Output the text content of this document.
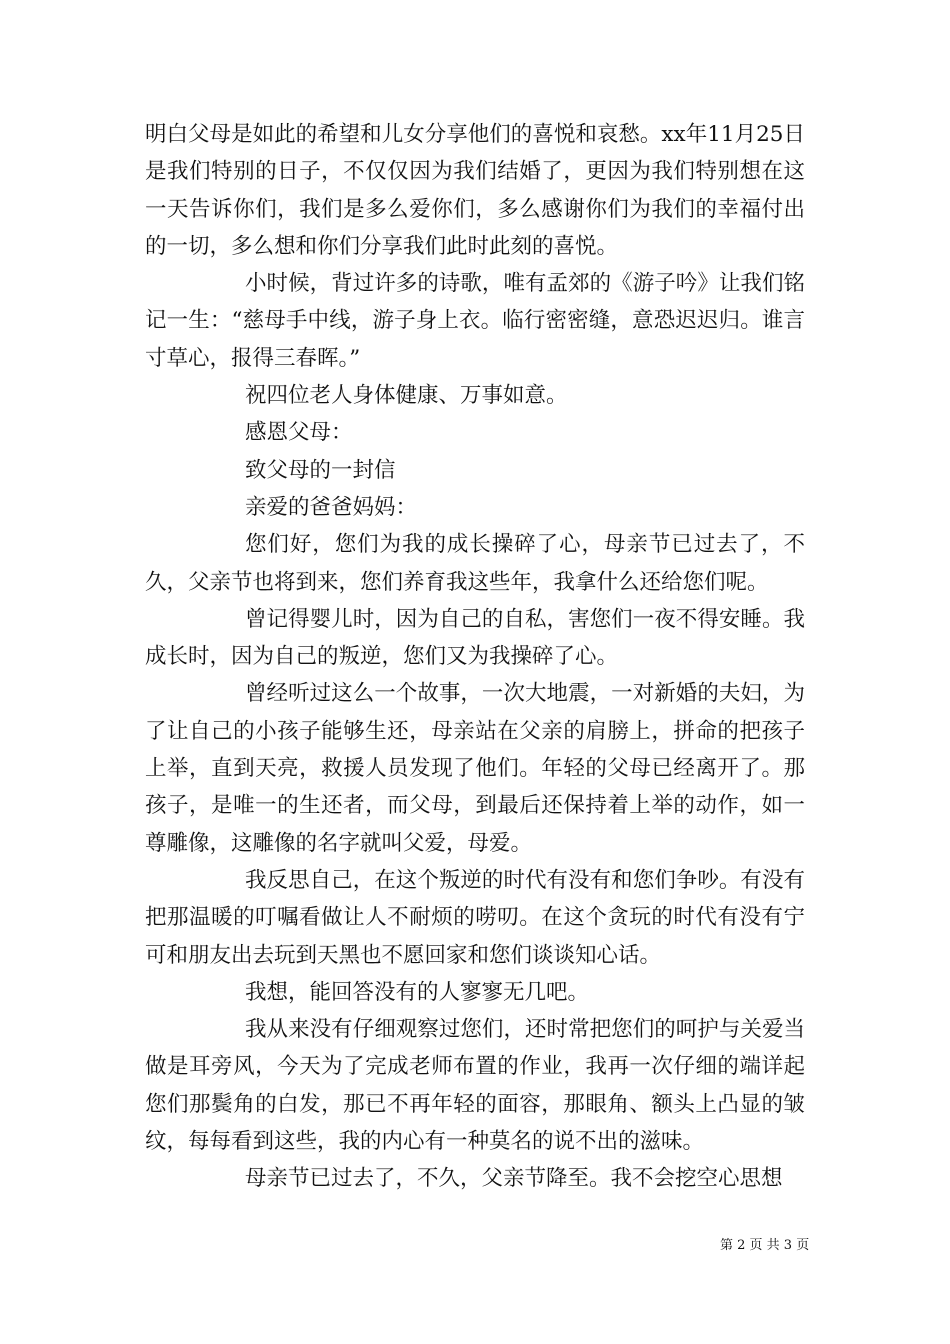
明白父母是如此的希望和儿女分享他们的喜悦和哀愁。xx年11月25日是我们特别的日子，不仅仅因为我们结婚了，更因为我们特别想在这一天告诉你们，我们是多么爱你们，多么感谢你们为我们的幸福付出的一切，多么想和你们分享我们此时此刻的喜悦。

小时候，背过许多的诗歌，唯有孟郊的《游子吟》让我们铭记一生：“慈母手中线，游子身上衣。临行密密缝，意恐迟迟归。谁言寸草心，报得三春晖。”

祝四位老人身体健康、万事如意。

感恩父母：

致父母的一封信

亲爱的爸爸妈妈：

您们好，您们为我的成长操碎了心，母亲节已过去了，不久，父亲节也将到来，您们养育我这些年，我拿什么还给您们呢。

曾记得婴儿时，因为自己的自私，害您们一夜不得安睡。我成长时，因为自己的叛逆，您们又为我操碎了心。

曾经听过这么一个故事，一次大地震，一对新婚的夫妇，为了让自己的小孩子能够生还，母亲站在父亲的肩膀上，拼命的把孩子上举，直到天亮，救援人员发现了他们。年轻的父母已经离开了。那孩子，是唯一的生还者，而父母，到最后还保持着上举的动作，如一尊雕像，这雕像的名字就叫父爱，母爱。

我反思自己，在这个叛逆的时代有没有和您们争吵。有没有把那温暖的叮嘱看做让人不耐烦的唠叨。在这个贪玩的时代有没有宁可和朋友出去玩到天黑也不愿回家和您们谈谈知心话。

我想，能回答没有的人寥寥无几吧。

我从来没有仔细观察过您们，还时常把您们的呵护与关爱当做是耳旁风，今天为了完成老师布置的作业，我再一次仔细的端详起您们那鬓角的白发，那已不再年轻的面容，那眼角、额头上凸显的皱纹，每每看到这些，我的内心有一种莫名的说不出的滋味。

母亲节已过去了，不久，父亲节降至。我不会挖空心思想

第 2 页 共 3 页
